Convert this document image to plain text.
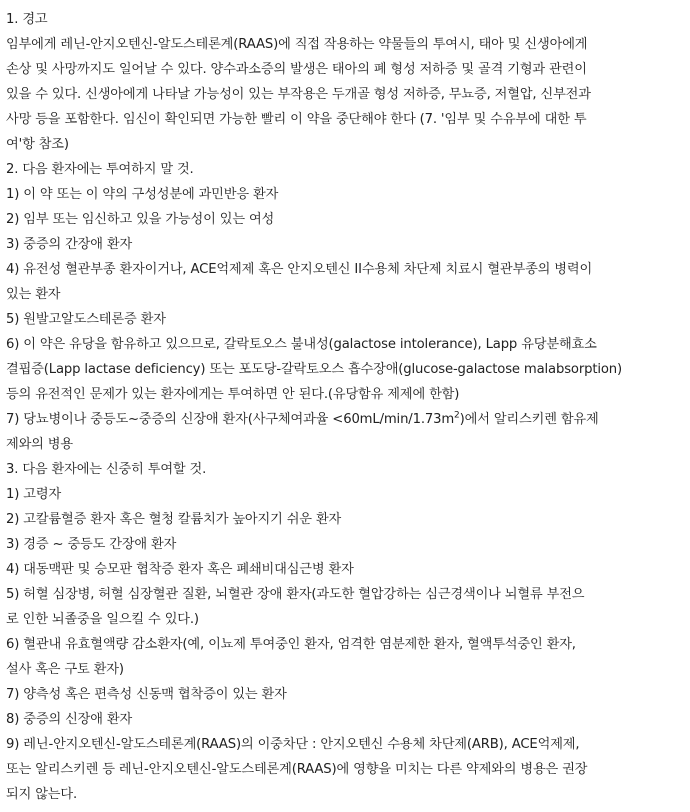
1. 경고
임부에게 레닌-안지오텐신-알도스테론계(RAAS)에 직접 작용하는 약물들의 투여시, 태아 및 신생아에게
손상 및 사망까지도 일어날 수 있다. 양수과소증의 발생은 태아의 폐 형성 저하증 및 골격 기형과 관련이
있을 수 있다. 신생아에게 나타날 가능성이 있는 부작용은 두개골 형성 저하증, 무뇨증, 저혈압, 신부전과
사망 등을 포함한다. 임신이 확인되면 가능한 빨리 이 약을 중단해야 한다 (7. '임부 및 수유부에 대한 투
여'항 참조)
2. 다음 환자에는 투여하지 말 것.
1) 이 약 또는 이 약의 구성성분에 과민반응 환자
2) 임부 또는 임신하고 있을 가능성이 있는 여성
3) 중증의 간장애 환자
4) 유전성 혈관부종 환자이거나, ACE억제제 혹은 안지오텐신 II수용체 차단제 치료시 혈관부종의 병력이
있는 환자
5) 원발고알도스테론증 환자
6) 이 약은 유당을 함유하고 있으므로, 갈락토오스 불내성(galactose intolerance), Lapp 유당분해효소
결핍증(Lapp lactase deficiency) 또는 포도당-갈락토오스 흡수장애(glucose-galactose malabsorption)
등의 유전적인 문제가 있는 환자에게는 투여하면 안 된다.(유당함유 제제에 한함)
7) 당뇨병이나 중등도~중증의 신장애 환자(사구체여과율 $<60mL/\min/1.73m^2$)에서 알리스키렌 함유제
제와의 병용
3. 다음 환자에는 신중히 투여할 것.
1) 고령자
2) 고칼륨혈증 환자 혹은 혈청 칼륨치가 높아지기 쉬운 환자
3) 경증 ~ 중등도 간장애 환자
4) 대동맥판 및 승모판 협착증 환자 혹은 폐쇄비대심근병 환자
5) 허혈 심장병, 허혈 심장혈관 질환, 뇌혈관 장애 환자(과도한 혈압강하는 심근경색이나 뇌혈류 부전으
로 인한 뇌졸중을 일으킬 수 있다.)
6) 혈관내 유효혈액량 감소환자(예, 이뇨제 투여중인 환자, 엄격한 염분제한 환자, 혈액투석중인 환자,
설사 혹은 구토 환자)
7) 양측성 혹은 편측성 신동맥 협착증이 있는 환자
8) 중증의 신장애 환자
9) 레닌-안지오텐신-알도스테론계(RAAS)의 이중차단 : 안지오텐신 수용체 차단제(ARB), ACE억제제,
또는 알리스키렌 등 레닌-안지오텐신-알도스테론계(RAAS)에 영향을 미치는 다른 약제와의 병용은 권장
되지 않는다.
